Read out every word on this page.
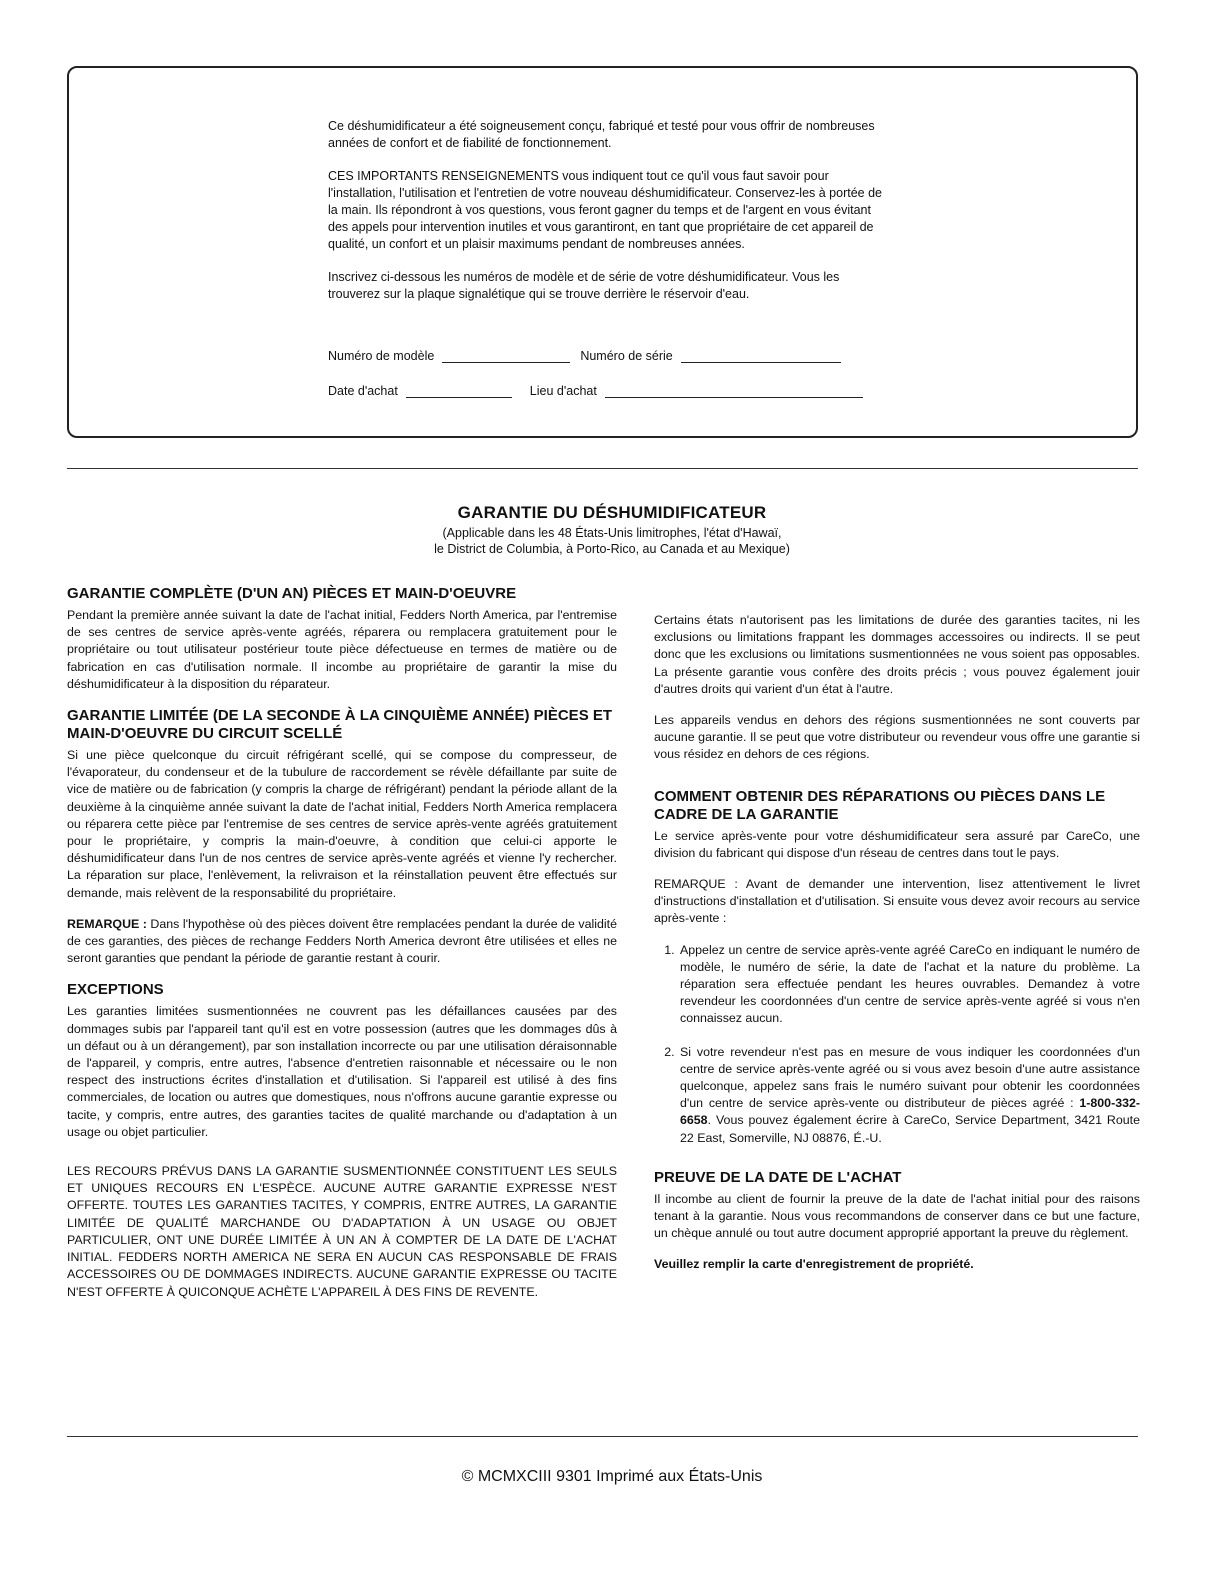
Ce déshumidificateur a été soigneusement conçu, fabriqué et testé pour vous offrir de nombreuses années de confort et de fiabilité de fonctionnement.

CES IMPORTANTS RENSEIGNEMENTS vous indiquent tout ce qu'il vous faut savoir pour l'installation, l'utilisation et l'entretien de votre nouveau déshumidificateur. Conservez-les à portée de la main. Ils répondront à vos questions, vous feront gagner du temps et de l'argent en vous évitant des appels pour intervention inutiles et vous garantiront, en tant que propriétaire de cet appareil de qualité, un confort et un plaisir maximums pendant de nombreuses années.

Inscrivez ci-dessous les numéros de modèle et de série de votre déshumidificateur. Vous les trouverez sur la plaque signalétique qui se trouve derrière le réservoir d'eau.

Numéro de modèle	Numéro de série
Date d'achat	Lieu d'achat
GARANTIE DU DÉSHUMIDIFICATEUR
(Applicable dans les 48 États-Unis limitrophes, l'état d'Hawaï,
le District de Columbia, à Porto-Rico, au Canada et au Mexique)
GARANTIE COMPLÈTE (D'UN AN) PIÈCES ET MAIN-D'OEUVRE

Pendant la première année suivant la date de l'achat initial, Fedders North America, par l'entremise de ses centres de service après-vente agréés, réparera ou remplacera gratuitement pour le propriétaire ou tout utilisateur postérieur toute pièce défectueuse en termes de matière ou de fabrication en cas d'utilisation normale. Il incombe au propriétaire de garantir la mise du déshumidificateur à la disposition du réparateur.

GARANTIE LIMITÉE (DE LA SECONDE À LA CINQUIÈME ANNÉE) PIÈCES ET MAIN-D'OEUVRE DU CIRCUIT SCELLÉ

Si une pièce quelconque du circuit réfrigérant scellé, qui se compose du compresseur, de l'évaporateur, du condenseur et de la tubulure de raccordement se révèle défaillante par suite de vice de matière ou de fabrication (y compris la charge de réfrigérant) pendant la période allant de la deuxième à la cinquième année suivant la date de l'achat initial, Fedders North America remplacera ou réparera cette pièce par l'entremise de ses centres de service après-vente agréés gratuitement pour le propriétaire, y compris la main-d'oeuvre, à condition que celui-ci apporte le déshumidificateur dans l'un de nos centres de service après-vente agréés et vienne l'y rechercher. La réparation sur place, l'enlèvement, la relivraison et la réinstallation peuvent être effectués sur demande, mais relèvent de la responsabilité du propriétaire.

REMARQUE : Dans l'hypothèse où des pièces doivent être remplacées pendant la durée de validité de ces garanties, des pièces de rechange Fedders North America devront être utilisées et elles ne seront garanties que pendant la période de garantie restant à courir.

EXCEPTIONS

Les garanties limitées susmentionnées ne couvrent pas les défaillances causées par des dommages subis par l'appareil tant qu'il est en votre possession (autres que les dommages dûs à un défaut ou à un dérangement), par son installation incorrecte ou par une utilisation déraisonnable de l'appareil, y compris, entre autres, l'absence d'entretien raisonnable et nécessaire ou le non respect des instructions écrites d'installation et d'utilisation. Si l'appareil est utilisé à des fins commerciales, de location ou autres que domestiques, nous n'offrons aucune garantie expresse ou tacite, y compris, entre autres, des garanties tacites de qualité marchande ou d'adaptation à un usage ou objet particulier.

LES RECOURS PRÉVUS DANS LA GARANTIE SUSMENTIONNÉE CONSTITUENT LES SEULS ET UNIQUES RECOURS EN L'ESPÈCE. AUCUNE AUTRE GARANTIE EXPRESSE N'EST OFFERTE. TOUTES LES GARANTIES TACITES, Y COMPRIS, ENTRE AUTRES, LA GARANTIE LIMITÉE DE QUALITÉ MARCHANDE OU D'ADAPTATION À UN USAGE OU OBJET PARTICULIER, ONT UNE DURÉE LIMITÉE À UN AN À COMPTER DE LA DATE DE L'ACHAT INITIAL. FEDDERS NORTH AMERICA NE SERA EN AUCUN CAS RESPONSABLE DE FRAIS ACCESSOIRES OU DE DOMMAGES INDIRECTS. AUCUNE GARANTIE EXPRESSE OU TACITE N'EST OFFERTE À QUICONQUE ACHÈTE L'APPAREIL À DES FINS DE REVENTE.

Certains états n'autorisent pas les limitations de durée des garanties tacites, ni les exclusions ou limitations frappant les dommages accessoires ou indirects. Il se peut donc que les exclusions ou limitations susmentionnées ne vous soient pas opposables. La présente garantie vous confère des droits précis ; vous pouvez également jouir d'autres droits qui varient d'un état à l'autre.

Les appareils vendus en dehors des régions susmentionnées ne sont couverts par aucune garantie. Il se peut que votre distributeur ou revendeur vous offre une garantie si vous résidez en dehors de ces régions.

COMMENT OBTENIR DES RÉPARATIONS OU PIÈCES DANS LE CADRE DE LA GARANTIE

Le service après-vente pour votre déshumidificateur sera assuré par CareCo, une division du fabricant qui dispose d'un réseau de centres dans tout le pays.

REMARQUE : Avant de demander une intervention, lisez attentivement le livret d'instructions d'installation et d'utilisation. Si ensuite vous devez avoir recours au service après-vente :

1. Appelez un centre de service après-vente agréé CareCo en indiquant le numéro de modèle, le numéro de série, la date de l'achat et la nature du problème. La réparation sera effectuée pendant les heures ouvrables. Demandez à votre revendeur les coordonnées d'un centre de service après-vente agréé si vous n'en connaissez aucun.
2. Si votre revendeur n'est pas en mesure de vous indiquer les coordonnées d'un centre de service après-vente agréé ou si vous avez besoin d'une autre assistance quelconque, appelez sans frais le numéro suivant pour obtenir les coordonnées d'un centre de service après-vente ou distributeur de pièces agréé : 1-800-332-6658. Vous pouvez également écrire à CareCo, Service Department, 3421 Route 22 East, Somerville, NJ 08876, É.-U.
PREUVE DE LA DATE DE L'ACHAT

Il incombe au client de fournir la preuve de la date de l'achat initial pour des raisons tenant à la garantie. Nous vous recommandons de conserver dans ce but une facture, un chèque annulé ou tout autre document approprié apportant la preuve du règlement.

Veuillez remplir la carte d'enregistrement de propriété.

© MCMXCIII 9301 Imprimé aux États-Unis
